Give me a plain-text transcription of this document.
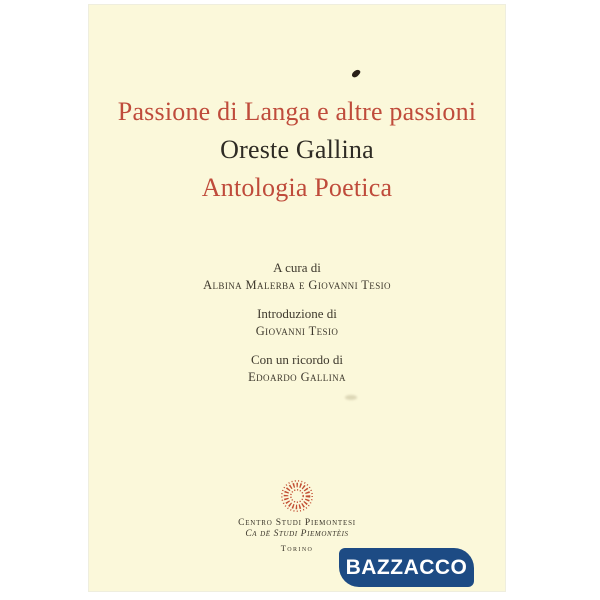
Passione di Langa e altre passioni
Oreste Gallina
Antologia Poetica
A cura di
Albina Malerba e Giovanni Tesio
Introduzione di
Giovanni Tesio
Con un ricordo di
Edoardo Gallina
Centro Studi Piemontesi
Ca dë Studi Piemontèis
Torino
BAZZACCO
